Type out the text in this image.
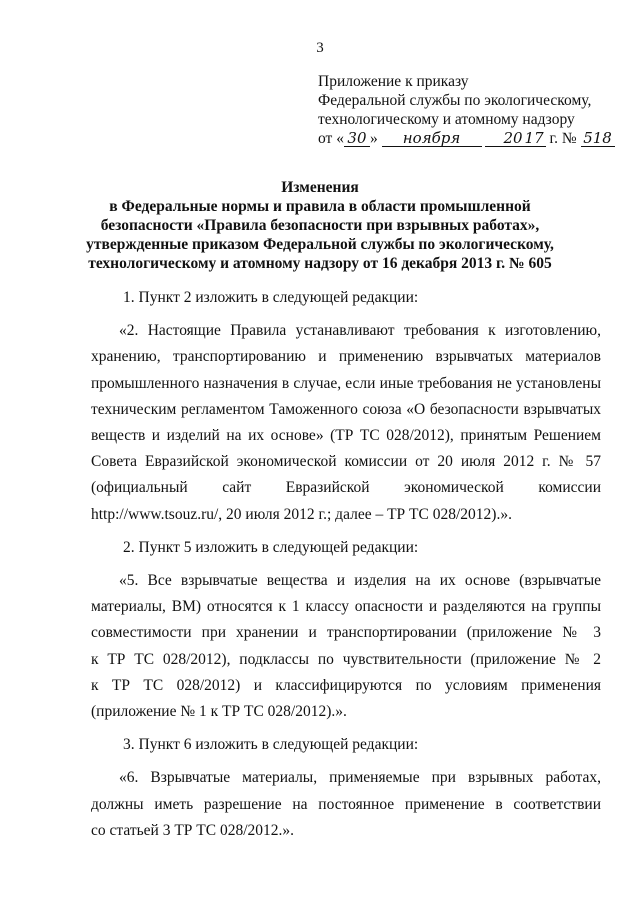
3
Приложение к приказу
Федеральной службы по экологическому,
технологическому и атомному надзору
от « 30 » ноября	20 17 г. № 518
Изменения
в Федеральные нормы и правила в области промышленной
безопасности «Правила безопасности при взрывных работах»,
утвержденные приказом Федеральной службы по экологическому,
технологическому и атомному надзору от 16 декабря 2013 г. № 605

1. Пункт 2 изложить в следующей редакции:

«2. Настоящие Правила устанавливают требования к изготовлению,
хранению, транспортированию и применению взрывчатых материалов
промышленного назначения в случае, если иные требования не установлены
техническим регламентом Таможенного союза «О безопасности взрывчатых
веществ и изделий на их основе» (ТР ТС 028/2012), принятым Решением
Совета Евразийской экономической комиссии от 20 июля 2012 г. № 57
(официальный сайт Евразийской экономической комиссии
http://www.tsouz.ru/, 20 июля 2012 г.; далее – ТР ТС 028/2012).».

2. Пункт 5 изложить в следующей редакции:

«5. Все взрывчатые вещества и изделия на их основе (взрывчатые
материалы, ВМ) относятся к 1 классу опасности и разделяются на группы
совместимости при хранении и транспортировании (приложение № 3
к ТР ТС 028/2012), подклассы по чувствительности (приложение № 2
к ТР ТС 028/2012) и классифицируются по условиям применения
(приложение № 1 к ТР ТС 028/2012).».

3. Пункт 6 изложить в следующей редакции:

«6. Взрывчатые материалы, применяемые при взрывных работах,
должны иметь разрешение на постоянное применение в соответствии
со статьей 3 ТР ТС 028/2012.».
